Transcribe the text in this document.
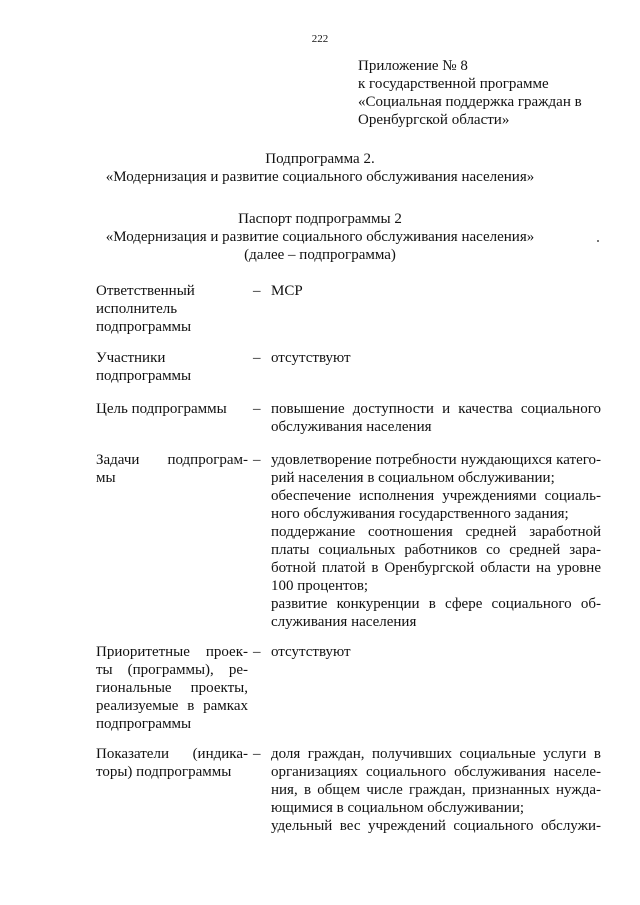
222
Приложение № 8
к государственной программе
«Социальная поддержка граждан в
Оренбургской области»
Подпрограмма 2.
«Модернизация и развитие социального обслуживания населения»
Паспорт подпрограммы 2
«Модернизация и развитие социального обслуживания населения»
(далее – подпрограмма)
Ответственный
исполнитель
подпрограммы
– МСР
Участники
подпрограммы
– отсутствуют
Цель подпрограммы	– повышение доступности и качества социального
обслуживания населения
Задачи подпрограм-
мы
– удовлетворение потребности нуждающихся катего-
рий населения в социальном обслуживании;
обеспечение исполнения учреждениями социаль-
ного обслуживания государственного задания;
поддержание соотношения средней заработной
платы социальных работников со средней зара-
ботной платой в Оренбургской области на уровне
100 процентов;
развитие конкуренции в сфере социального об-
служивания населения
Приоритетные проек-
ты (программы), ре-
гиональные проекты,
реализуемые в рамках
подпрограммы
– отсутствуют
Показатели (индика-
торы) подпрограммы
– доля граждан, получивших социальные услуги в
организациях социального обслуживания населе-
ния, в общем числе граждан, признанных нужда-
ющимися в социальном обслуживании;
удельный вес учреждений социального обслужи-
